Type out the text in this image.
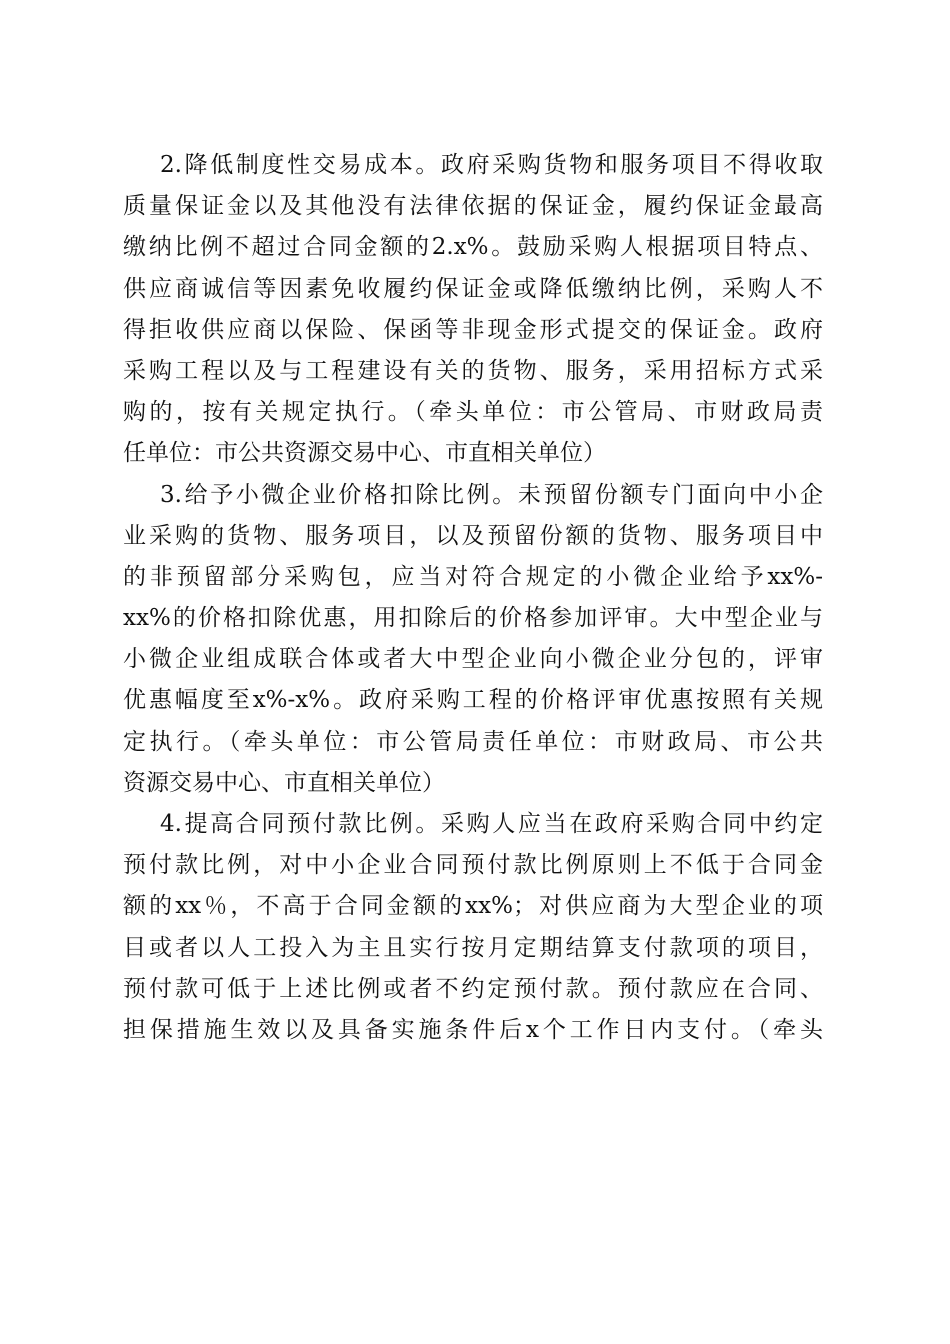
2.降低制度性交易成本。政府采购货物和服务项目不得收取
质量保证金以及其他没有法律依据的保证金，履约保证金最高
缴纳比例不超过合同金额的2.x%。鼓励采购人根据项目特点、
供应商诚信等因素免收履约保证金或降低缴纳比例，采购人不
得拒收供应商以保险、保函等非现金形式提交的保证金。政府
采购工程以及与工程建设有关的货物、服务，采用招标方式采
购的，按有关规定执行。（牵头单位：市公管局、市财政局责
任单位：市公共资源交易中心、市直相关单位）
3.给予小微企业价格扣除比例。未预留份额专门面向中小企
业采购的货物、服务项目，以及预留份额的货物、服务项目中
的非预留部分采购包，应当对符合规定的小微企业给予xx%-
xx%的价格扣除优惠，用扣除后的价格参加评审。大中型企业与
小微企业组成联合体或者大中型企业向小微企业分包的，评审
优惠幅度至x%-x%。政府采购工程的价格评审优惠按照有关规
定执行。（牵头单位：市公管局责任单位：市财政局、市公共
资源交易中心、市直相关单位）
4.提高合同预付款比例。采购人应当在政府采购合同中约定
预付款比例，对中小企业合同预付款比例原则上不低于合同金
额的xx％，不高于合同金额的xx%；对供应商为大型企业的项
目或者以人工投入为主且实行按月定期结算支付款项的项目，
预付款可低于上述比例或者不约定预付款。预付款应在合同、
担保措施生效以及具备实施条件后x个工作日内支付。（牵头
